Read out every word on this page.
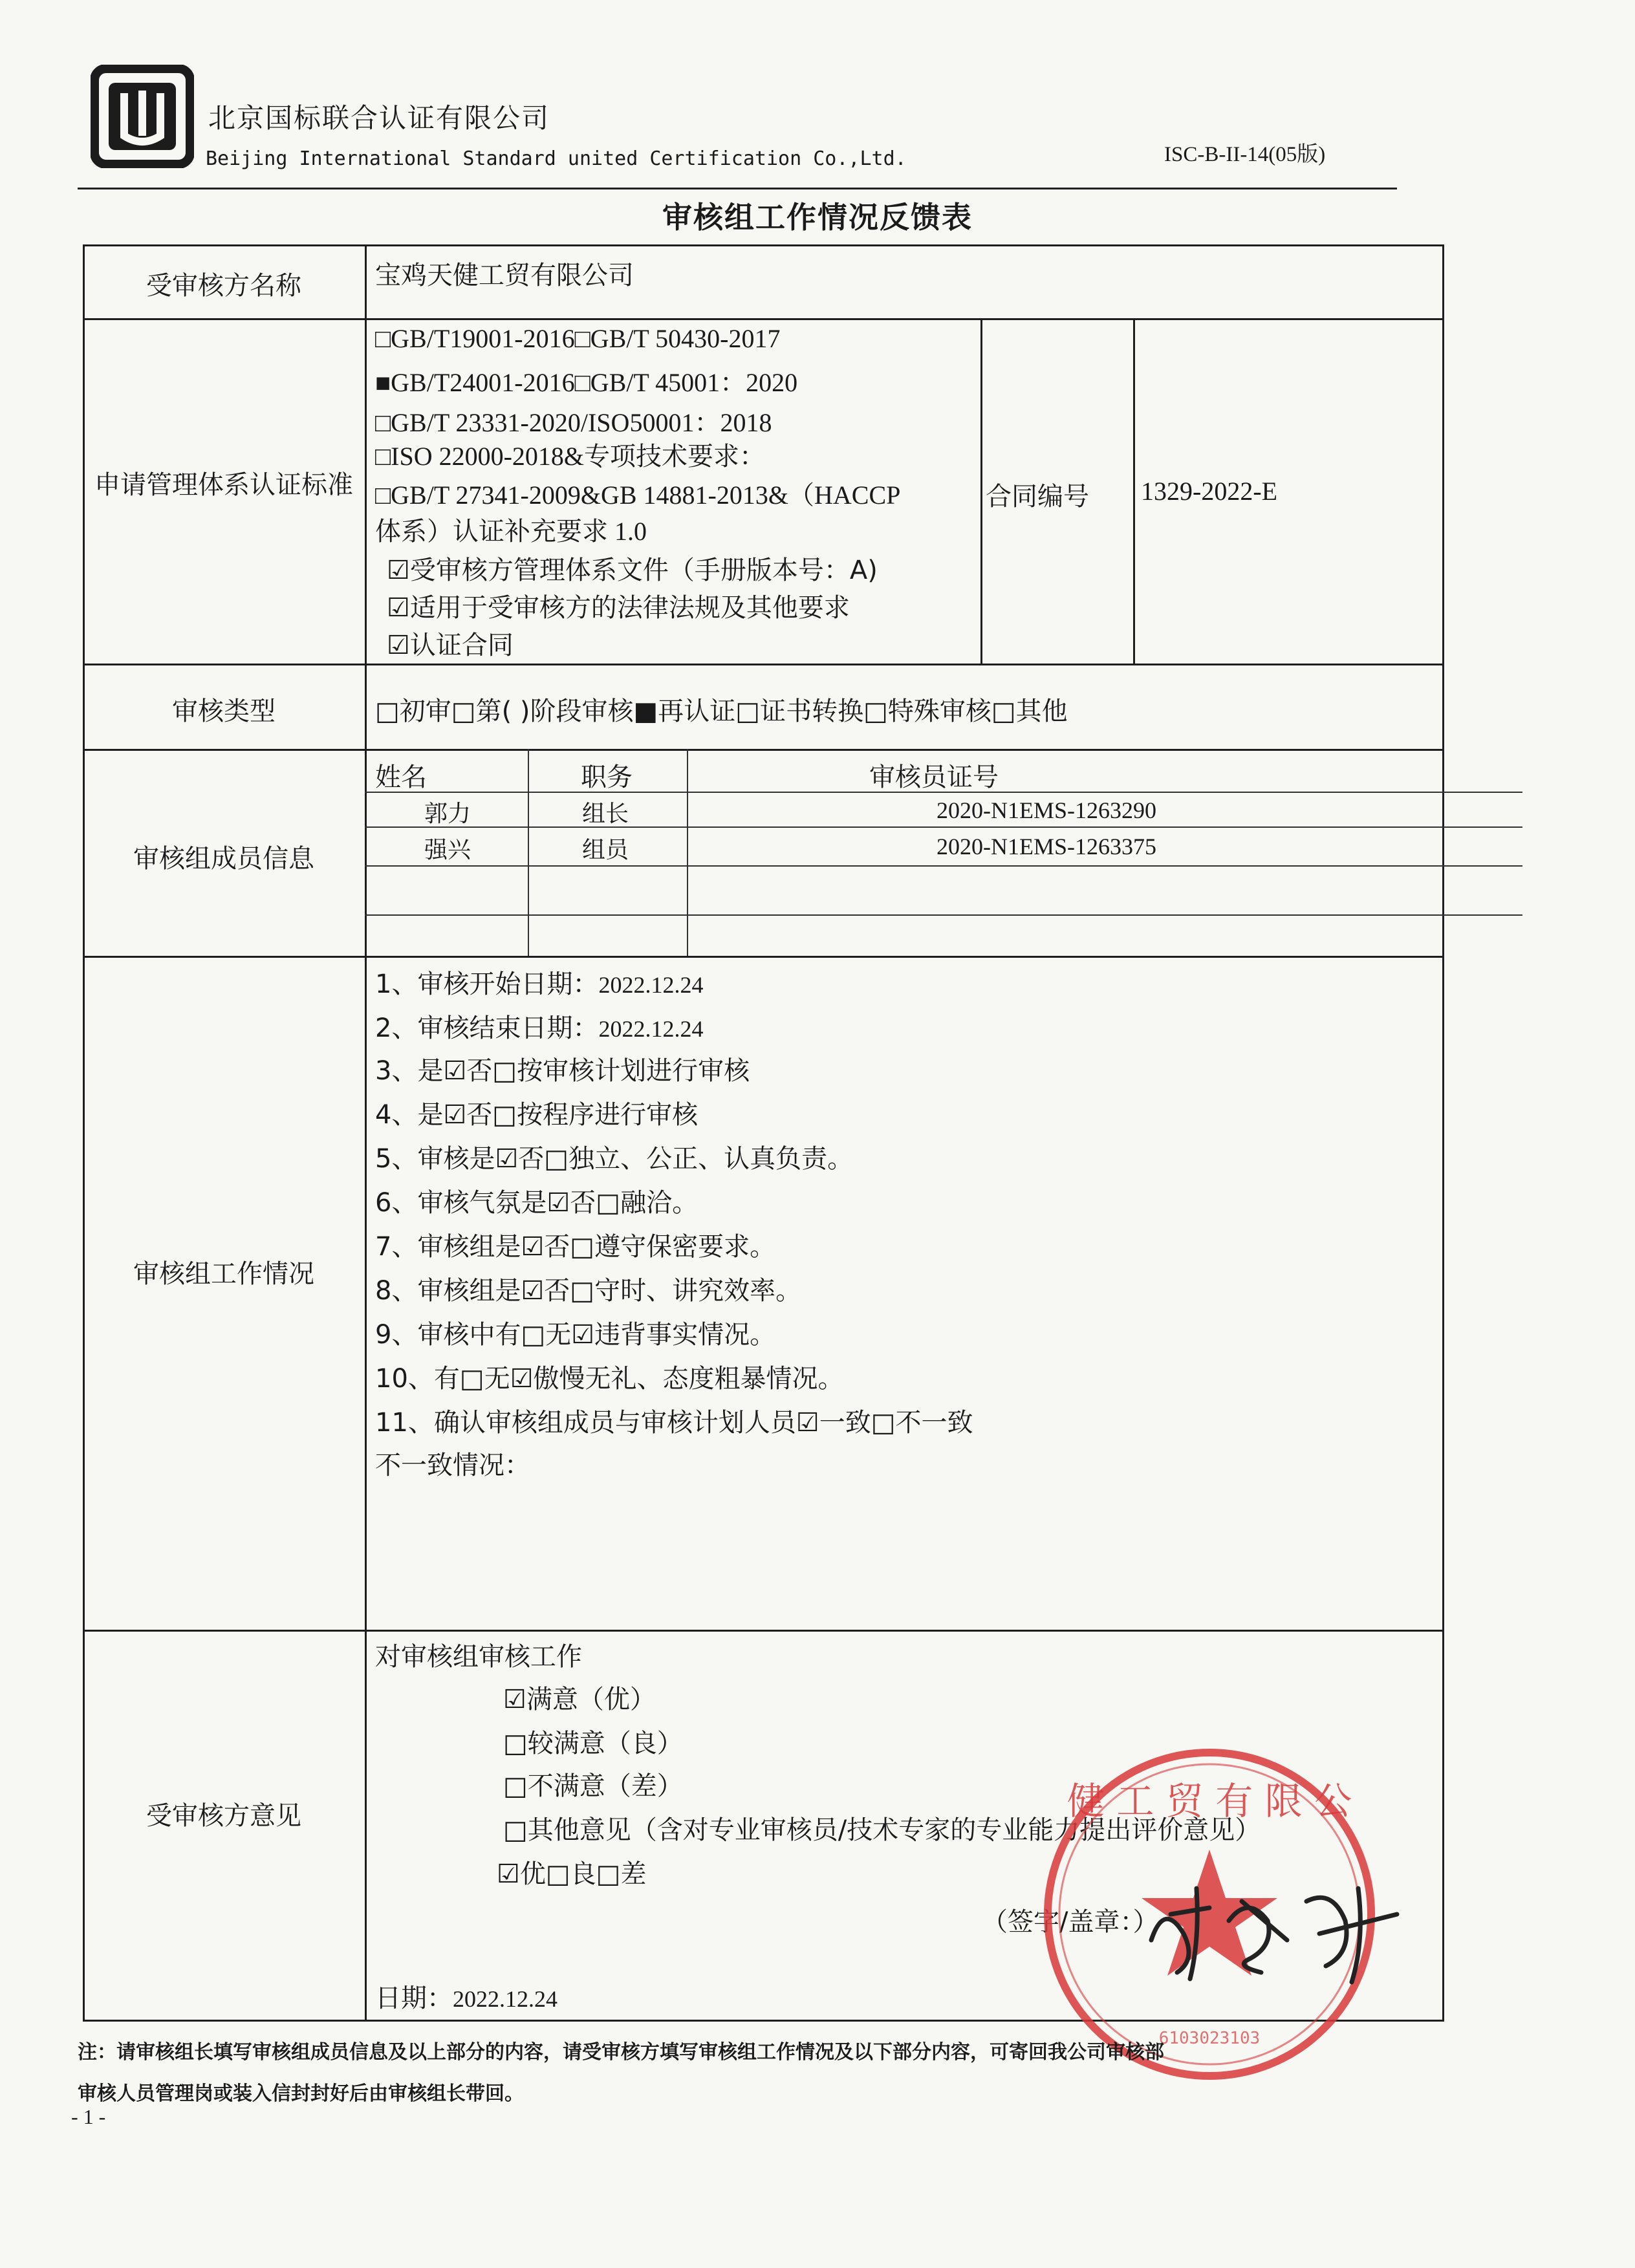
北京国标联合认证有限公司
Beijing International Standard united Certification Co.,Ltd.	ISC-B-II-14(05版)
审核组工作情况反馈表
受审核方名称	宝鸡天健工贸有限公司
申请管理体系认证标准
□GB/T19001-2016□GB/T 50430-2017
■GB/T24001-2016□GB/T 45001：2020
□GB/T 23331-2020/ISO50001：2018
□ISO 22000-2018&专项技术要求：
□GB/T 27341-2009&GB 14881-2013&（HACCP
体系）认证补充要求 1.0
☑受审核方管理体系文件（手册版本号：A)
☑适用于受审核方的法律法规及其他要求
☑认证合同
合同编号 1329-2022-E
审核类型	□初审□第( )阶段审核■再认证□证书转换□特殊审核□其他
审核组成员信息
姓名	职务	审核员证号
郭力	组长	2020-N1EMS-1263290
强兴	组员	2020-N1EMS-1263375
审核组工作情况
1、审核开始日期：2022.12.24
2、审核结束日期：2022.12.24
3、是☑否□按审核计划进行审核
4、是☑否□按程序进行审核
5、审核是☑否□独立、公正、认真负责。
6、审核气氛是☑否□融洽。
7、审核组是☑否□遵守保密要求。
8、审核组是☑否□守时、讲究效率。
9、审核中有□无☑违背事实情况。
10、有□无☑傲慢无礼、态度粗暴情况。
11、确认审核组成员与审核计划人员☑一致□不一致
不一致情况：
受审核方意见
对审核组审核工作
☑满意（优）
□较满意（良）
□不满意（差）
□其他意见（含对专业审核员/技术专家的专业能力提出评价意见）
☑优□良□差
（签字/盖章：）
日期：2022.12.24
健 工 贸 有 限 公
6103023103
注：请审核组长填写审核组成员信息及以上部分的内容，请受审核方填写审核组工作情况及以下部分内容，可寄回我公司审核部
审核人员管理岗或装入信封封好后由审核组长带回。
- 1 -
